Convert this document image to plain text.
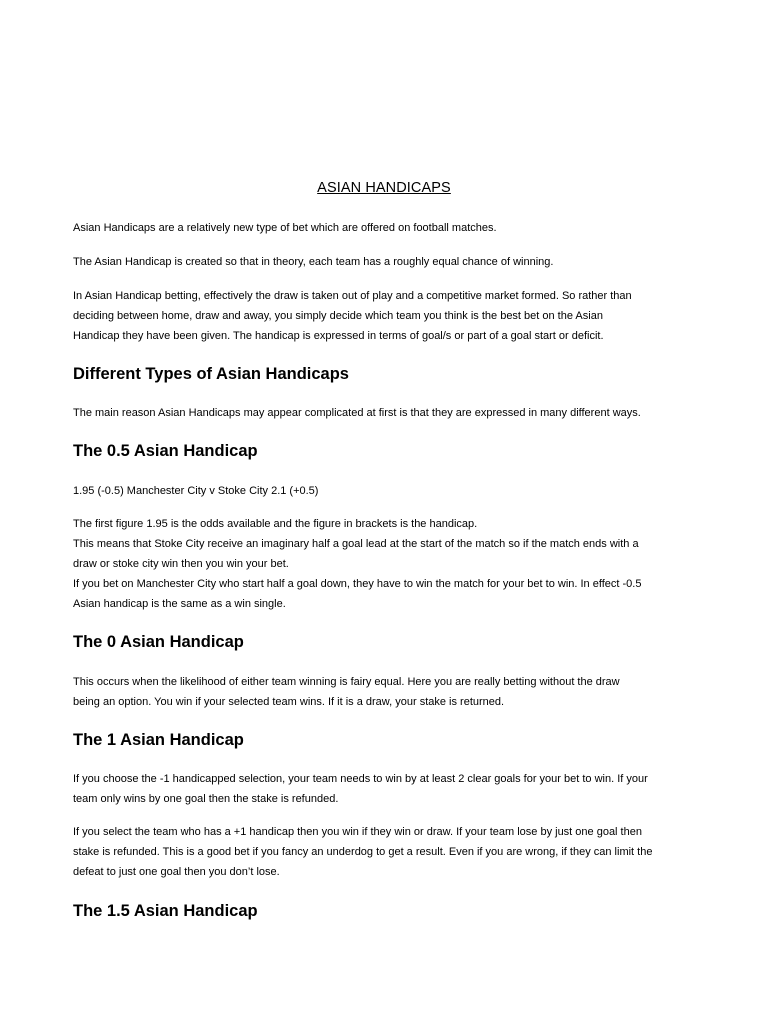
ASIAN HANDICAPS

Asian Handicaps are a relatively new type of bet which are offered on football matches.

The Asian Handicap is created so that in theory, each team has a roughly equal chance of winning.

In Asian Handicap betting, effectively the draw is taken out of play and a competitive market formed. So rather than
deciding between home, draw and away, you simply decide which team you think is the best bet on the Asian
Handicap they have been given. The handicap is expressed in terms of goal/s or part of a goal start or deficit.
Different Types of Asian Handicaps

The main reason Asian Handicaps may appear complicated at first is that they are expressed in many different ways.

The 0.5 Asian Handicap

1.95 (-0.5) Manchester City v Stoke City 2.1 (+0.5)

The first figure 1.95 is the odds available and the figure in brackets is the handicap.
This means that Stoke City receive an imaginary half a goal lead at the start of the match so if the match ends with a
draw or stoke city win then you win your bet.
If you bet on Manchester City who start half a goal down, they have to win the match for your bet to win. In effect -0.5
Asian handicap is the same as a win single.
The 0 Asian Handicap
This occurs when the likelihood of either team winning is fairy equal. Here you are really betting without the draw
being an option. You win if your selected team wins. If it is a draw, your stake is returned.
The 1 Asian Handicap
If you choose the -1 handicapped selection, your team needs to win by at least 2 clear goals for your bet to win. If your
team only wins by one goal then the stake is refunded.
If you select the team who has a +1 handicap then you win if they win or draw. If your team lose by just one goal then
stake is refunded. This is a good bet if you fancy an underdog to get a result. Even if you are wrong, if they can limit the
defeat to just one goal then you don’t lose.
The 1.5 Asian Handicap
